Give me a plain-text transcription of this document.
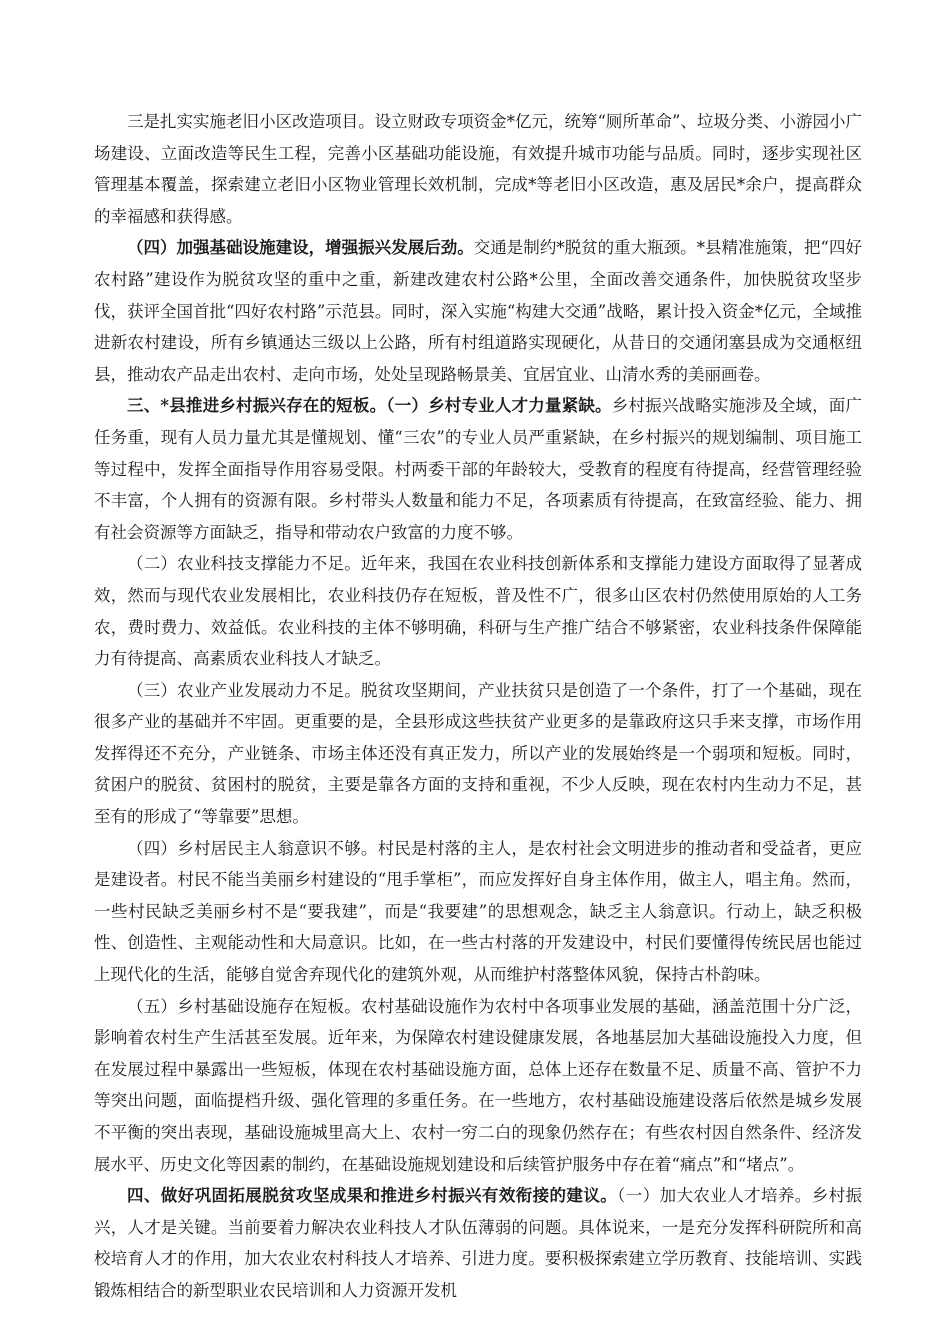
三是扎实实施老旧小区改造项目。设立财政专项资金*亿元，统筹“厕所革命”、垃圾分类、小游园小广场建设、立面改造等民生工程，完善小区基础功能设施，有效提升城市功能与品质。同时，逐步实现社区管理基本覆盖，探索建立老旧小区物业管理长效机制，完成*等老旧小区改造，惠及居民*余户，提高群众的幸福感和获得感。

（四）加强基础设施建设，增强振兴发展后劲。交通是制约*脱贫的重大瓶颈。*县精准施策，把“四好农村路”建设作为脱贫攻坚的重中之重，新建改建农村公路*公里，全面改善交通条件，加快脱贫攻坚步伐，获评全国首批“四好农村路”示范县。同时，深入实施“构建大交通”战略，累计投入资金*亿元，全域推进新农村建设，所有乡镇通达三级以上公路，所有村组道路实现硬化，从昔日的交通闭塞县成为交通枢纽县，推动农产品走出农村、走向市场，处处呈现路畅景美、宜居宜业、山清水秀的美丽画卷。

三、*县推进乡村振兴存在的短板。（一）乡村专业人才力量紧缺。乡村振兴战略实施涉及全域，面广任务重，现有人员力量尤其是懂规划、懂“三农”的专业人员严重紧缺，在乡村振兴的规划编制、项目施工等过程中，发挥全面指导作用容易受限。村两委干部的年龄较大，受教育的程度有待提高，经营管理经验不丰富，个人拥有的资源有限。乡村带头人数量和能力不足，各项素质有待提高，在致富经验、能力、拥有社会资源等方面缺乏，指导和带动农户致富的力度不够。

（二）农业科技支撑能力不足。近年来，我国在农业科技创新体系和支撑能力建设方面取得了显著成效，然而与现代农业发展相比，农业科技仍存在短板，普及性不广，很多山区农村仍然使用原始的人工务农，费时费力、效益低。农业科技的主体不够明确，科研与生产推广结合不够紧密，农业科技条件保障能力有待提高、高素质农业科技人才缺乏。

（三）农业产业发展动力不足。脱贫攻坚期间，产业扶贫只是创造了一个条件，打了一个基础，现在很多产业的基础并不牢固。更重要的是，全县形成这些扶贫产业更多的是靠政府这只手来支撑，市场作用发挥得还不充分，产业链条、市场主体还没有真正发力，所以产业的发展始终是一个弱项和短板。同时，贫困户的脱贫、贫困村的脱贫，主要是靠各方面的支持和重视，不少人反映，现在农村内生动力不足，甚至有的形成了“等靠要”思想。

（四）乡村居民主人翁意识不够。村民是村落的主人，是农村社会文明进步的推动者和受益者，更应是建设者。村民不能当美丽乡村建设的“甩手掌柜”，而应发挥好自身主体作用，做主人，唱主角。然而，一些村民缺乏美丽乡村不是“要我建”，而是“我要建”的思想观念，缺乏主人翁意识。行动上，缺乏积极性、创造性、主观能动性和大局意识。比如，在一些古村落的开发建设中，村民们要懂得传统民居也能过上现代化的生活，能够自觉舍弃现代化的建筑外观，从而维护村落整体风貌，保持古朴韵味。

（五）乡村基础设施存在短板。农村基础设施作为农村中各项事业发展的基础，涵盖范围十分广泛，影响着农村生产生活甚至发展。近年来，为保障农村建设健康发展，各地基层加大基础设施投入力度，但在发展过程中暴露出一些短板，体现在农村基础设施方面，总体上还存在数量不足、质量不高、管护不力等突出问题，面临提档升级、强化管理的多重任务。在一些地方，农村基础设施建设落后依然是城乡发展不平衡的突出表现，基础设施城里高大上、农村一穷二白的现象仍然存在；有些农村因自然条件、经济发展水平、历史文化等因素的制约，在基础设施规划建设和后续管护服务中存在着“痛点”和“堵点”。

四、做好巩固拓展脱贫攻坚成果和推进乡村振兴有效衔接的建议。（一）加大农业人才培养。乡村振兴，人才是关键。当前要着力解决农业科技人才队伍薄弱的问题。具体说来，一是充分发挥科研院所和高校培育人才的作用，加大农业农村科技人才培养、引进力度。要积极探索建立学历教育、技能培训、实践锻炼相结合的新型职业农民培训和人力资源开发机
